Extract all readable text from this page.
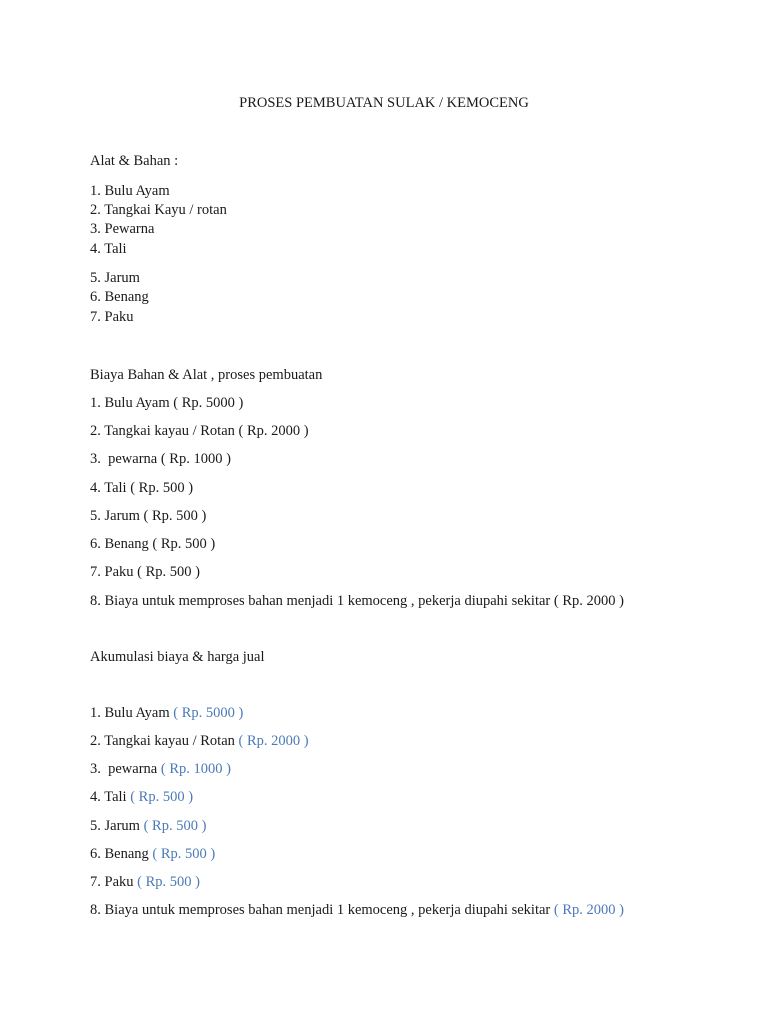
PROSES PEMBUATAN SULAK / KEMOCENG
Alat & Bahan :
1. Bulu Ayam
2. Tangkai Kayu / rotan
3. Pewarna
4. Tali
5. Jarum
6. Benang
7. Paku
Biaya Bahan & Alat , proses pembuatan
1. Bulu Ayam ( Rp. 5000 )
2. Tangkai kayau / Rotan ( Rp. 2000 )
3.  pewarna ( Rp. 1000 )
4. Tali ( Rp. 500 )
5. Jarum ( Rp. 500 )
6. Benang ( Rp. 500 )
7. Paku ( Rp. 500 )
8. Biaya untuk memproses bahan menjadi 1 kemoceng , pekerja diupahi sekitar ( Rp. 2000 )
Akumulasi biaya & harga jual
1. Bulu Ayam ( Rp. 5000 )
2. Tangkai kayau / Rotan ( Rp. 2000 )
3.  pewarna ( Rp. 1000 )
4. Tali ( Rp. 500 )
5. Jarum ( Rp. 500 )
6. Benang ( Rp. 500 )
7. Paku ( Rp. 500 )
8. Biaya untuk memproses bahan menjadi 1 kemoceng , pekerja diupahi sekitar ( Rp. 2000 )
